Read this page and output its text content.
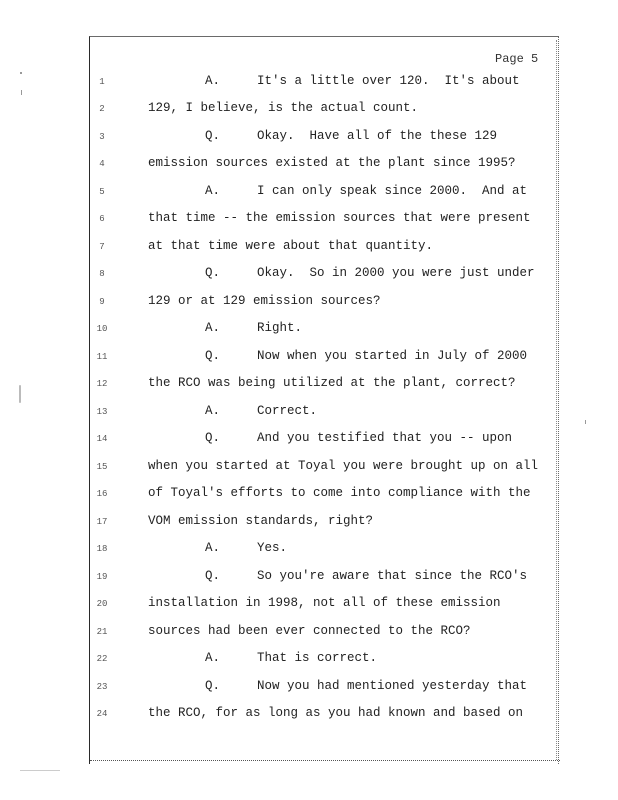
Page 5
1	A.	It's a little over 120.  It's about
2	129, I believe, is the actual count.
3	Q.	Okay.  Have all of the these 129
4	emission sources existed at the plant since 1995?
5	A.	I can only speak since 2000.  And at
6	that time -- the emission sources that were present
7	at that time were about that quantity.
8	Q.	Okay.  So in 2000 you were just under
9	129 or at 129 emission sources?
10	A.	Right.
11	Q.	Now when you started in July of 2000
12	the RCO was being utilized at the plant, correct?
13	A.	Correct.
14	Q.	And you testified that you -- upon
15	when you started at Toyal you were brought up on all
16	of Toyal's efforts to come into compliance with the
17	VOM emission standards, right?
18	A.	Yes.
19	Q.	So you're aware that since the RCO's
20	installation in 1998, not all of these emission
21	sources had been ever connected to the RCO?
22	A.	That is correct.
23	Q.	Now you had mentioned yesterday that
24	the RCO, for as long as you had known and based on
